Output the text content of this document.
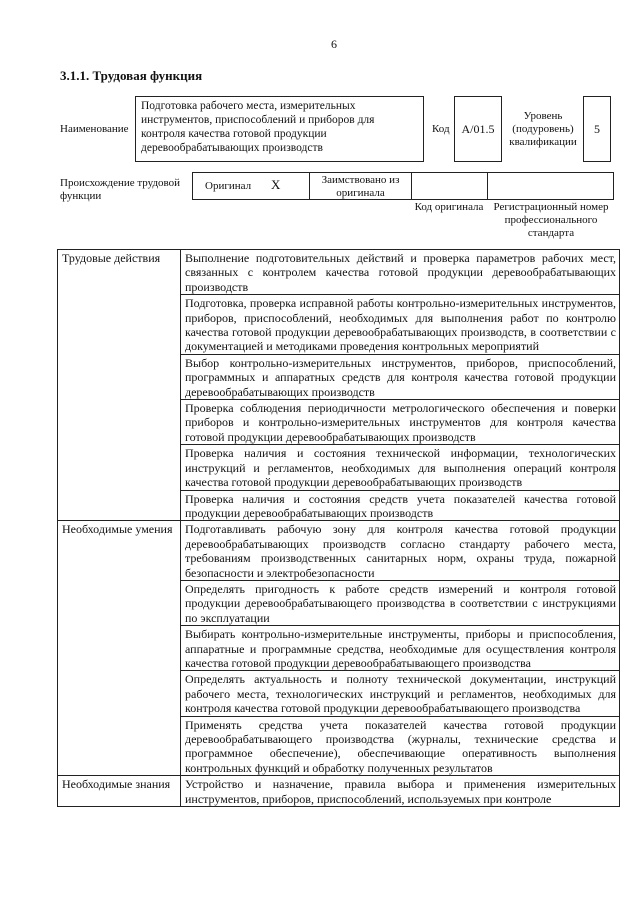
6
3.1.1. Трудовая функция
Наименование
Подготовка рабочего места, измерительных инструментов, приспособлений и приборов для контроля качества готовой продукции деревообрабатывающих производств
Код А/01.5
Уровень (подуровень) квалификации
5
Происхождение трудовой функции
Оригинал X	Заимствовано из оригинала
Код оригинала Регистрационный номер профессионального стандарта
Трудовые действия	Выполнение подготовительных действий и проверка параметров рабочих мест, связанных с контролем качества готовой продукции деревообрабатывающих производств
	Подготовка, проверка исправной работы контрольно-измерительных инструментов, приборов, приспособлений, необходимых для выполнения работ по контролю качества готовой продукции деревообрабатывающих производств, в соответствии с документацией и методиками проведения контрольных мероприятий
	Выбор контрольно-измерительных инструментов, приборов, приспособлений, программных и аппаратных средств для контроля качества готовой продукции деревообрабатывающих производств
	Проверка соблюдения периодичности метрологического обеспечения и поверки приборов и контрольно-измерительных инструментов для контроля качества готовой продукции деревообрабатывающих производств
	Проверка наличия и состояния технической информации, технологических инструкций и регламентов, необходимых для выполнения операций контроля качества готовой продукции деревообрабатывающих производств
	Проверка наличия и состояния средств учета показателей качества готовой продукции деревообрабатывающих производств
Необходимые умения	Подготавливать рабочую зону для контроля качества готовой продукции деревообрабатывающих производств согласно стандарту рабочего места, требованиям производственных санитарных норм, охраны труда, пожарной безопасности и электробезопасности
	Определять пригодность к работе средств измерений и контроля готовой продукции деревообрабатывающего производства в соответствии с инструкциями по эксплуатации
	Выбирать контрольно-измерительные инструменты, приборы и приспособления, аппаратные и программные средства, необходимые для осуществления контроля качества готовой продукции деревообрабатывающего производства
	Определять актуальность и полноту технической документации, инструкций рабочего места, технологических инструкций и регламентов, необходимых для контроля качества готовой продукции деревообрабатывающего производства
	Применять средства учета показателей качества готовой продукции деревообрабатывающего производства (журналы, технические средства и программное обеспечение), обеспечивающие оперативность выполнения контрольных функций и обработку полученных результатов
Необходимые знания	Устройство и назначение, правила выбора и применения измерительных инструментов, приборов, приспособлений, используемых при контроле
